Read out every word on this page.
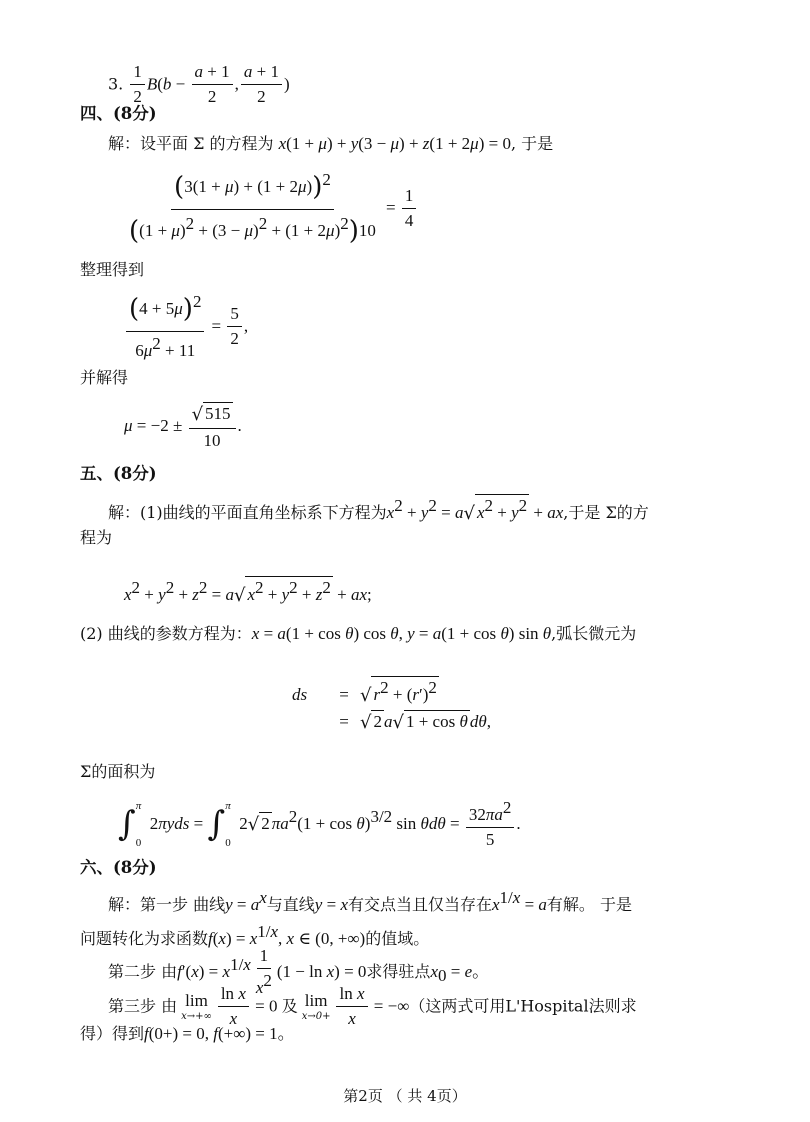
3. $\frac{1}{2} B(b - \frac{a + 1}{2}$ , $\frac{a + 1}{2}$ )
四、(8分)
解：设平面 Σ 的方程为 x(1 + μ) + y(3 − μ) + z(1 + 2μ) = 0, 于是
$\frac{(3(1 + \mu) + (1 + 2\mu))^2}{((1 + \mu)^2 + (3 - \mu)^2 + (1 + 2\mu)^2)10} = \frac{1}{4}$
整理得到
$\frac{(4 + 5\mu)^2}{6\mu^2 + 11} = \frac{5}{2}$ ,
并解得
$\mu = -2 \pm \frac{√ 515}{10}$ .
五、(8分)
解：(1)曲线的平面直角坐标系下方程为$x^2 + y^2 = a√$ $x^2 + y^2$ + ax,于是 Σ的方
程为
$x^2 + y^2 + z^2 = a√$ $x^2 + y^2 + z^2$ + ax;
(2) 曲线的参数方程为：x = a(1 + cos θ) cos θ, y = a(1 + cos θ) sin θ,弧长微元为
ds = √ $r^2 + (r')^2$
= √ 2 a√ 1 + cos θ dθ,
Σ的面积为
∫ π
0
2πyds = ∫ π
0
2√ 2 $\pi a^2(1 + \cos \theta)^{3/2}$ $\sin \theta d\theta = \frac{32\pi a^2}{5}$ .
六、(8分)
解：第一步 曲线$y = a^x$与直线y = x有交点当且仅当存在$x^{1/x} = a$有解。 于是
问题转化为求函数$f(x) = x^{1/x}$, x ∈ (0, +∞)的值域。
第二步 由$f'(x) = x^{1/x} \frac{1}{x^2} (1 - \ln x) = 0$求得驻点$x_0 = e$。
第三步 由 lim
$x\to+\infty \frac{\text{ln x}}{x} = 0$ 及 lim
$x\to 0+ \frac{\text{ln x}}{x}$ = −∞（这两式可用L'Hospital法则求
得）得到f(0+) = 0, f(+∞) = 1。
第2页 （ 共 4页）
